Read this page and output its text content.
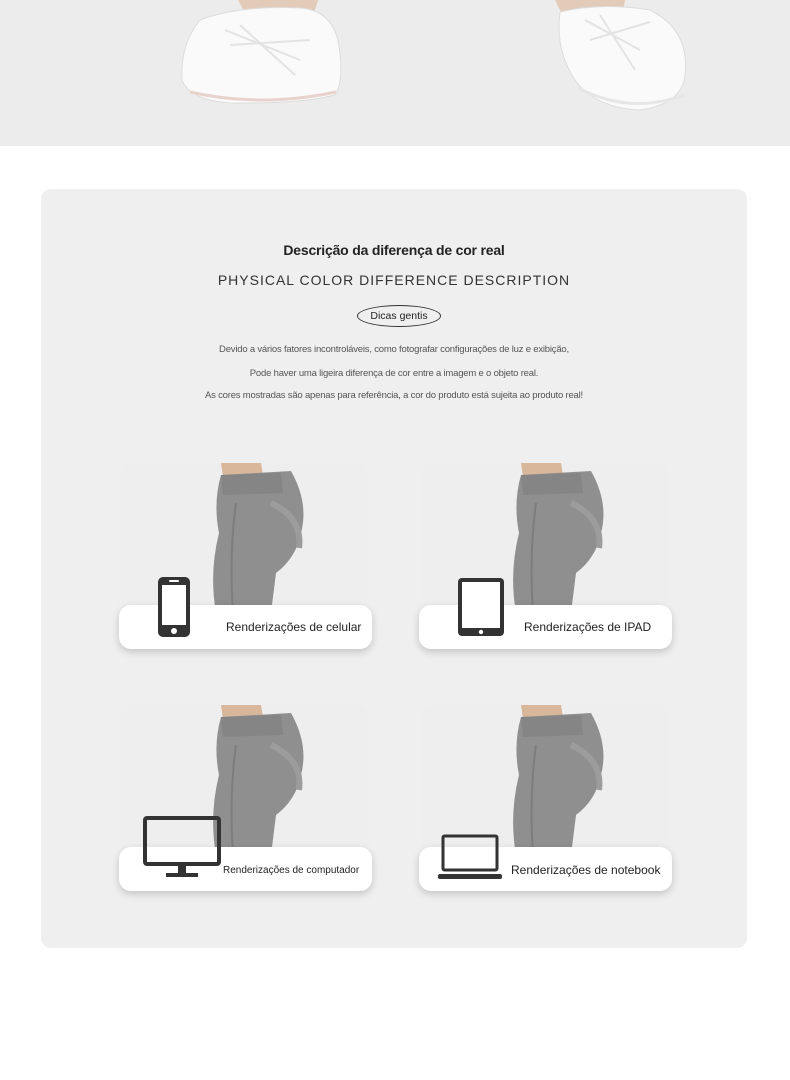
Descrição da diferença de cor real
PHYSICAL COLOR DIFFERENCE DESCRIPTION
Dicas gentis
Devido a vários fatores incontroláveis, como fotografar configurações de luz e exibição,
Pode haver uma ligeira diferença de cor entre a imagem e o objeto real.
As cores mostradas são apenas para referência, a cor do produto está sujeita ao produto real!
Renderizações de celular	Renderizações de IPAD
Renderizações de computador	Renderizações de notebook
